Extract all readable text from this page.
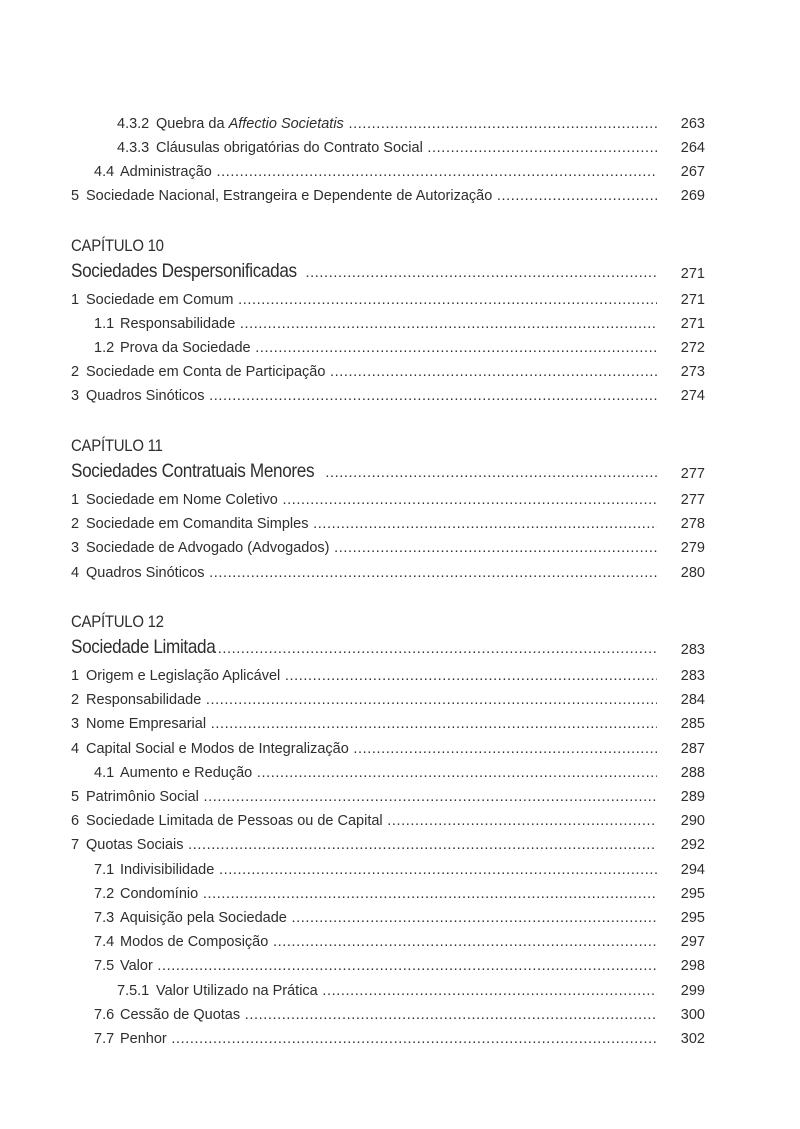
4.3.2 Quebra da Affectio Societatis .....	263
4.3.3 Cláusulas obrigatórias do Contrato Social .....	264
4.4 Administração .....	267
5 Sociedade Nacional, Estrangeira e Dependente de Autorização .....	269
CAPÍTULO 10
Sociedades Despersonificadas .....	271
1 Sociedade em Comum .....	271
1.1 Responsabilidade .....	271
1.2 Prova da Sociedade .....	272
2 Sociedade em Conta de Participação .....	273
3 Quadros Sinóticos .....	274
CAPÍTULO 11
Sociedades Contratuais Menores .....	277
1 Sociedade em Nome Coletivo .....	277
2 Sociedade em Comandita Simples .....	278
3 Sociedade de Advogado (Advogados) .....	279
4 Quadros Sinóticos .....	280
CAPÍTULO 12
Sociedade Limitada .....	283
1 Origem e Legislação Aplicável .....	283
2 Responsabilidade .....	284
3 Nome Empresarial .....	285
4 Capital Social e Modos de Integralização .....	287
4.1 Aumento e Redução .....	288
5 Patrimônio Social .....	289
6 Sociedade Limitada de Pessoas ou de Capital .....	290
7 Quotas Sociais .....	292
7.1 Indivisibilidade .....	294
7.2 Condomínio .....	295
7.3 Aquisição pela Sociedade .....	295
7.4 Modos de Composição .....	297
7.5 Valor .....	298
7.5.1 Valor Utilizado na Prática .....	299
7.6 Cessão de Quotas .....	300
7.7 Penhor .....	302
